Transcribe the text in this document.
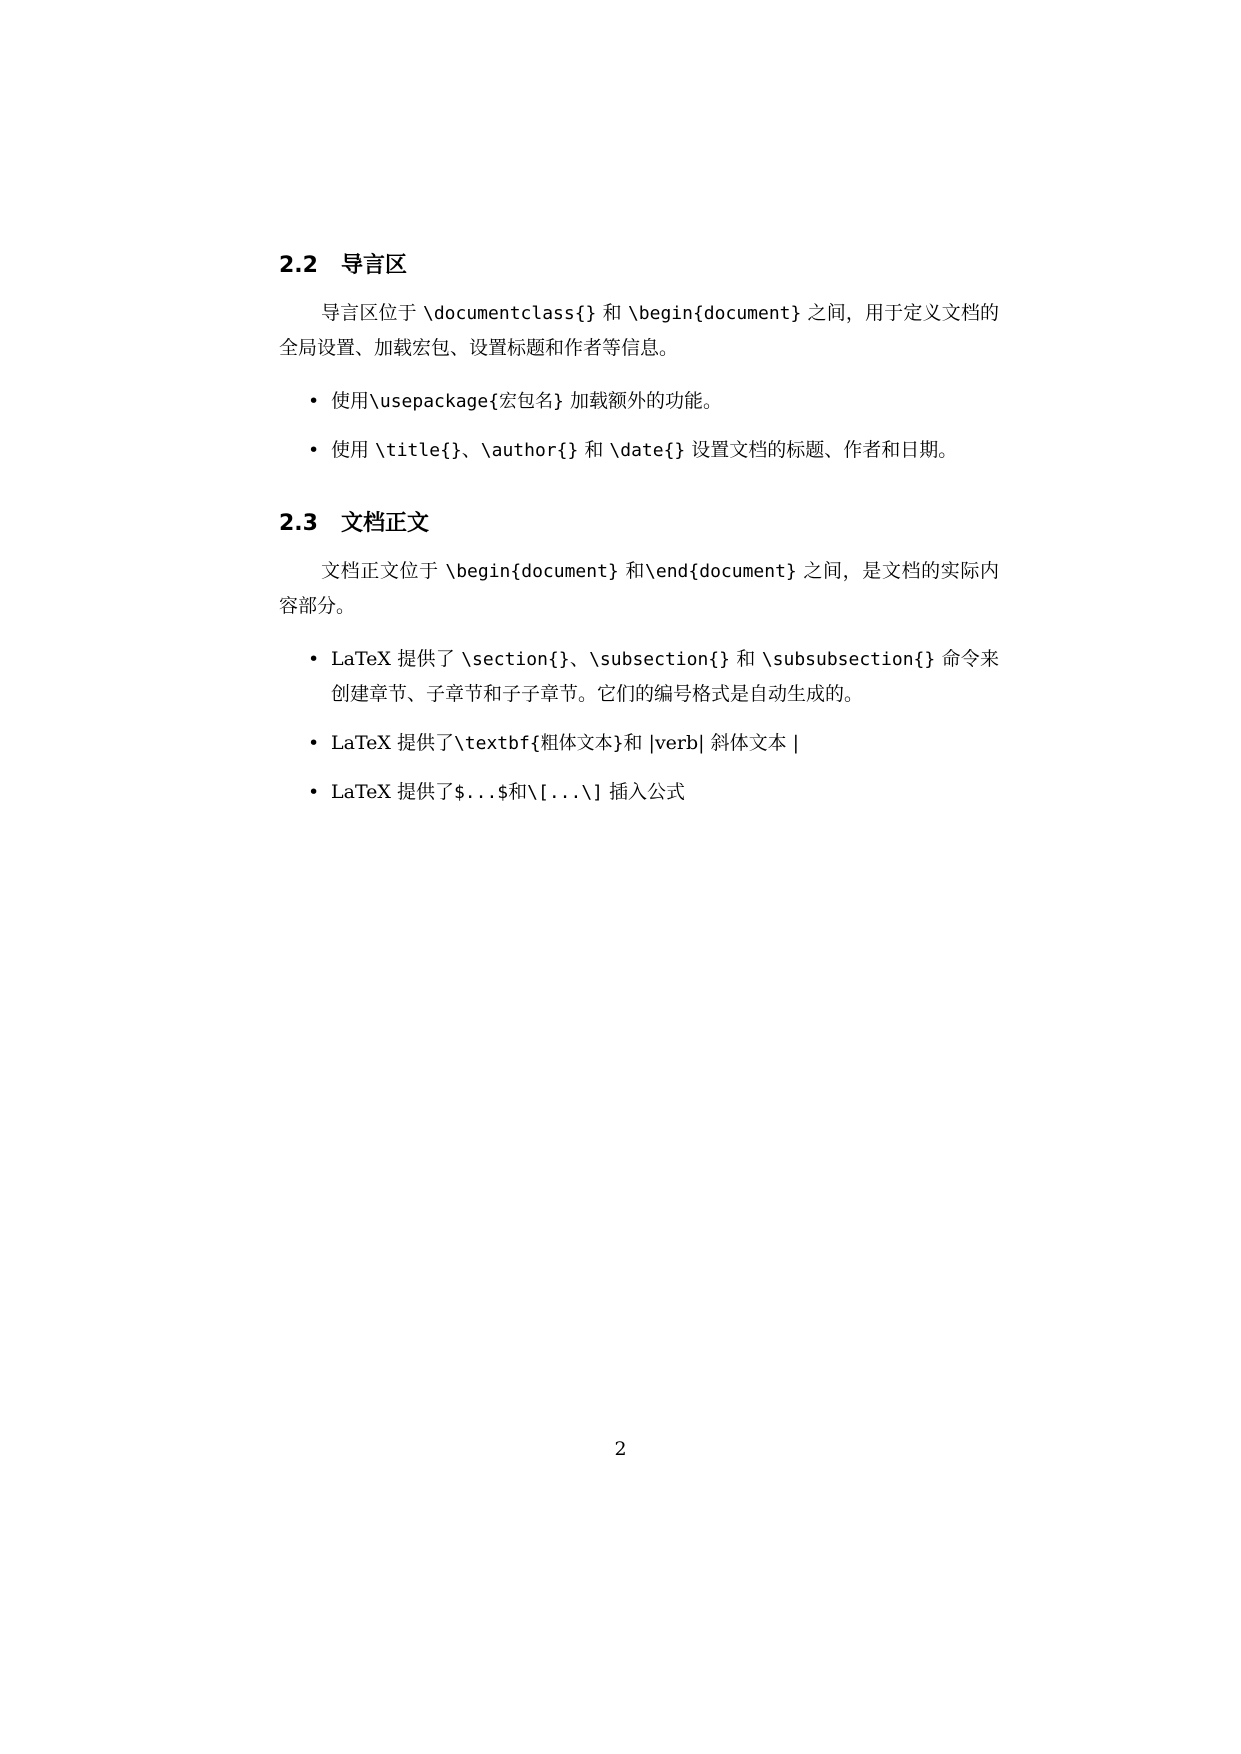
2.2	导言区

导言区位于 \documentclass{} 和 \begin{document} 之间，用于定义文档的全局设置、加载宏包、设置标题和作者等信息。

• 使用\usepackage{宏包名} 加载额外的功能。
• 使用 \title{}、\author{} 和 \date{} 设置文档的标题、作者和日期。
2.3	文档正文

文档正文位于 \begin{document} 和\end{document} 之间，是文档的实际内容部分。

• LaTeX 提供了 \section{}、\subsection{} 和 \subsubsection{} 命令来创建章节、子章节和子子章节。它们的编号格式是自动生成的。
• LaTeX 提供了\textbf{粗体文本}和 |verb| 斜体文本 |
• LaTeX 提供了$...$和\[...\] 插入公式
2
